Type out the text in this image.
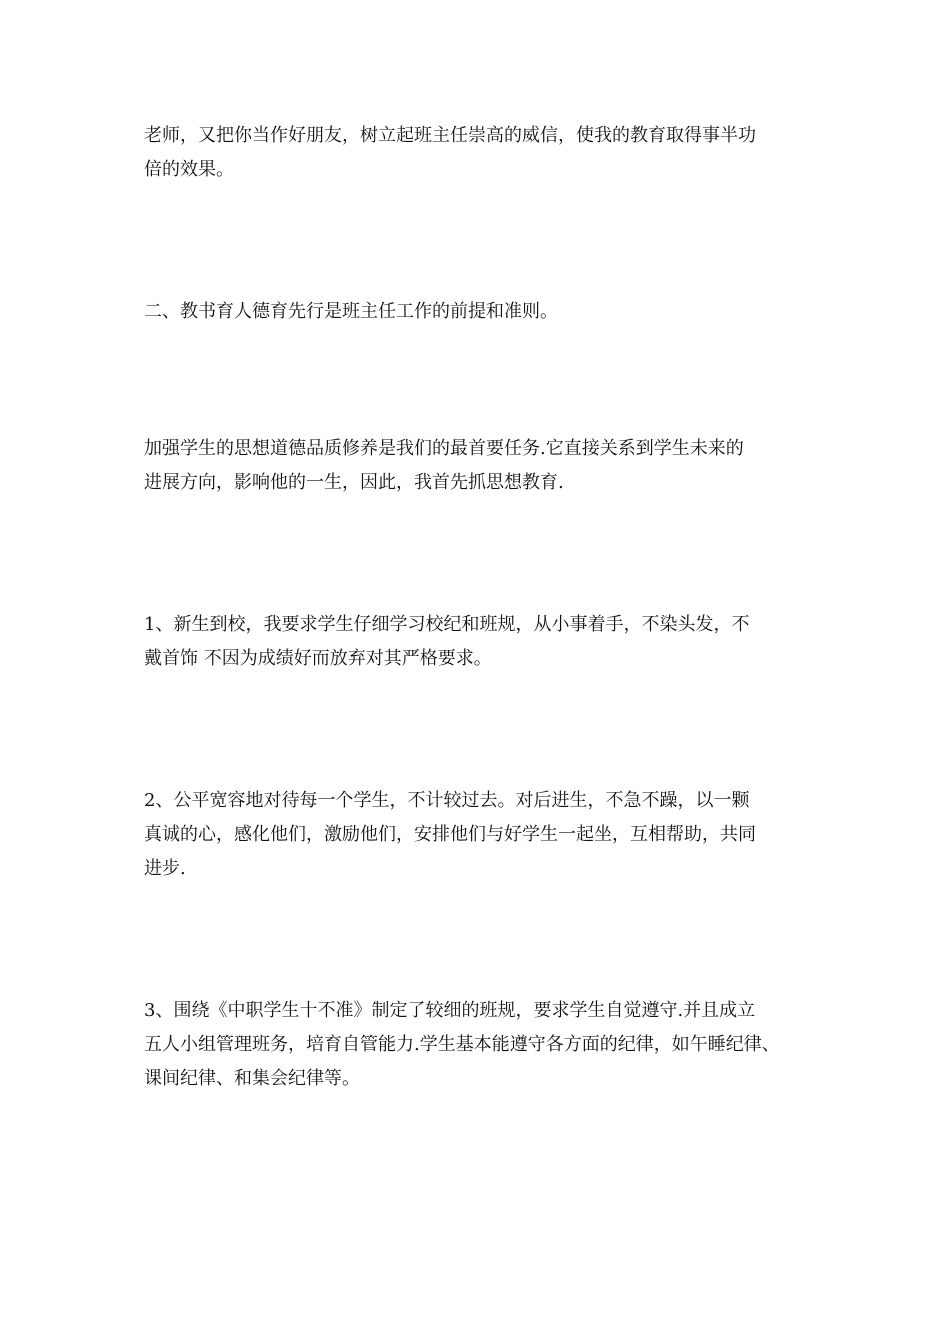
老师，又把你当作好朋友，树立起班主任崇高的威信，使我的教育取得事半功
倍的效果。
二、教书育人德育先行是班主任工作的前提和准则。
加强学生的思想道德品质修养是我们的最首要任务.它直接关系到学生未来的
进展方向，影响他的一生，因此，我首先抓思想教育.
1、新生到校，我要求学生仔细学习校纪和班规，从小事着手，不染头发，不
戴首饰 不因为成绩好而放弃对其严格要求。
2、公平宽容地对待每一个学生，不计较过去。对后进生，不急不躁，以一颗
真诚的心，感化他们，激励他们，安排他们与好学生一起坐，互相帮助，共同
进步.
3、围绕《中职学生十不准》制定了较细的班规，要求学生自觉遵守.并且成立
五人小组管理班务，培育自管能力.学生基本能遵守各方面的纪律，如午睡纪律、
课间纪律、和集会纪律等。
